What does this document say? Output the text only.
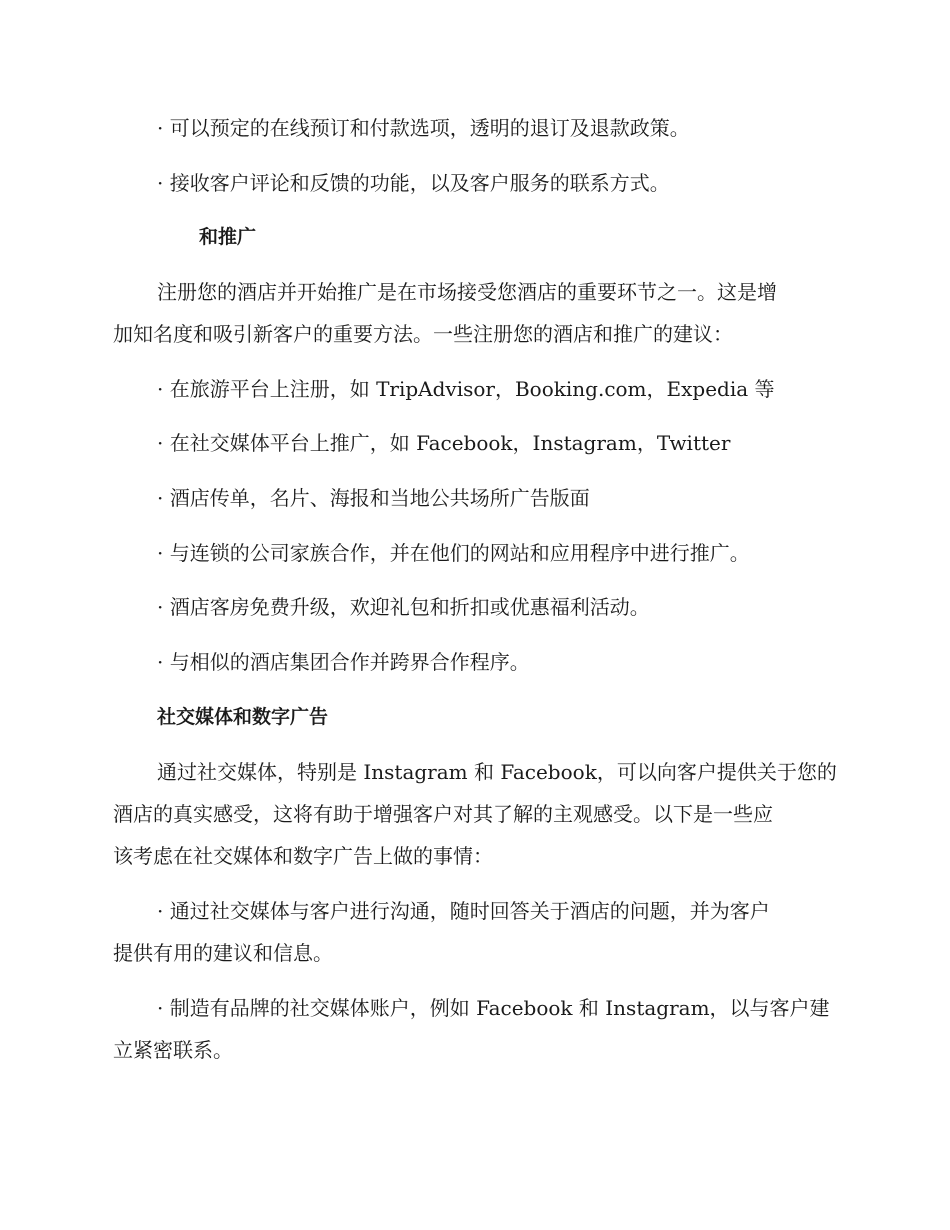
· 可以预定的在线预订和付款选项，透明的退订及退款政策。
· 接收客户评论和反馈的功能，以及客户服务的联系方式。
和推广
注册您的酒店并开始推广是在市场接受您酒店的重要环节之一。这是增
加知名度和吸引新客户的重要方法。一些注册您的酒店和推广的建议：
· 在旅游平台上注册，如 TripAdvisor，Booking.com，Expedia 等
· 在社交媒体平台上推广，如 Facebook，Instagram，Twitter
· 酒店传单，名片、海报和当地公共场所广告版面
· 与连锁的公司家族合作，并在他们的网站和应用程序中进行推广。
· 酒店客房免费升级，欢迎礼包和折扣或优惠福利活动。
· 与相似的酒店集团合作并跨界合作程序。
社交媒体和数字广告
通过社交媒体，特别是 Instagram 和 Facebook，可以向客户提供关于您的
酒店的真实感受，这将有助于增强客户对其了解的主观感受。以下是一些应
该考虑在社交媒体和数字广告上做的事情：
· 通过社交媒体与客户进行沟通，随时回答关于酒店的问题，并为客户
提供有用的建议和信息。
· 制造有品牌的社交媒体账户，例如 Facebook 和 Instagram，以与客户建
立紧密联系。
